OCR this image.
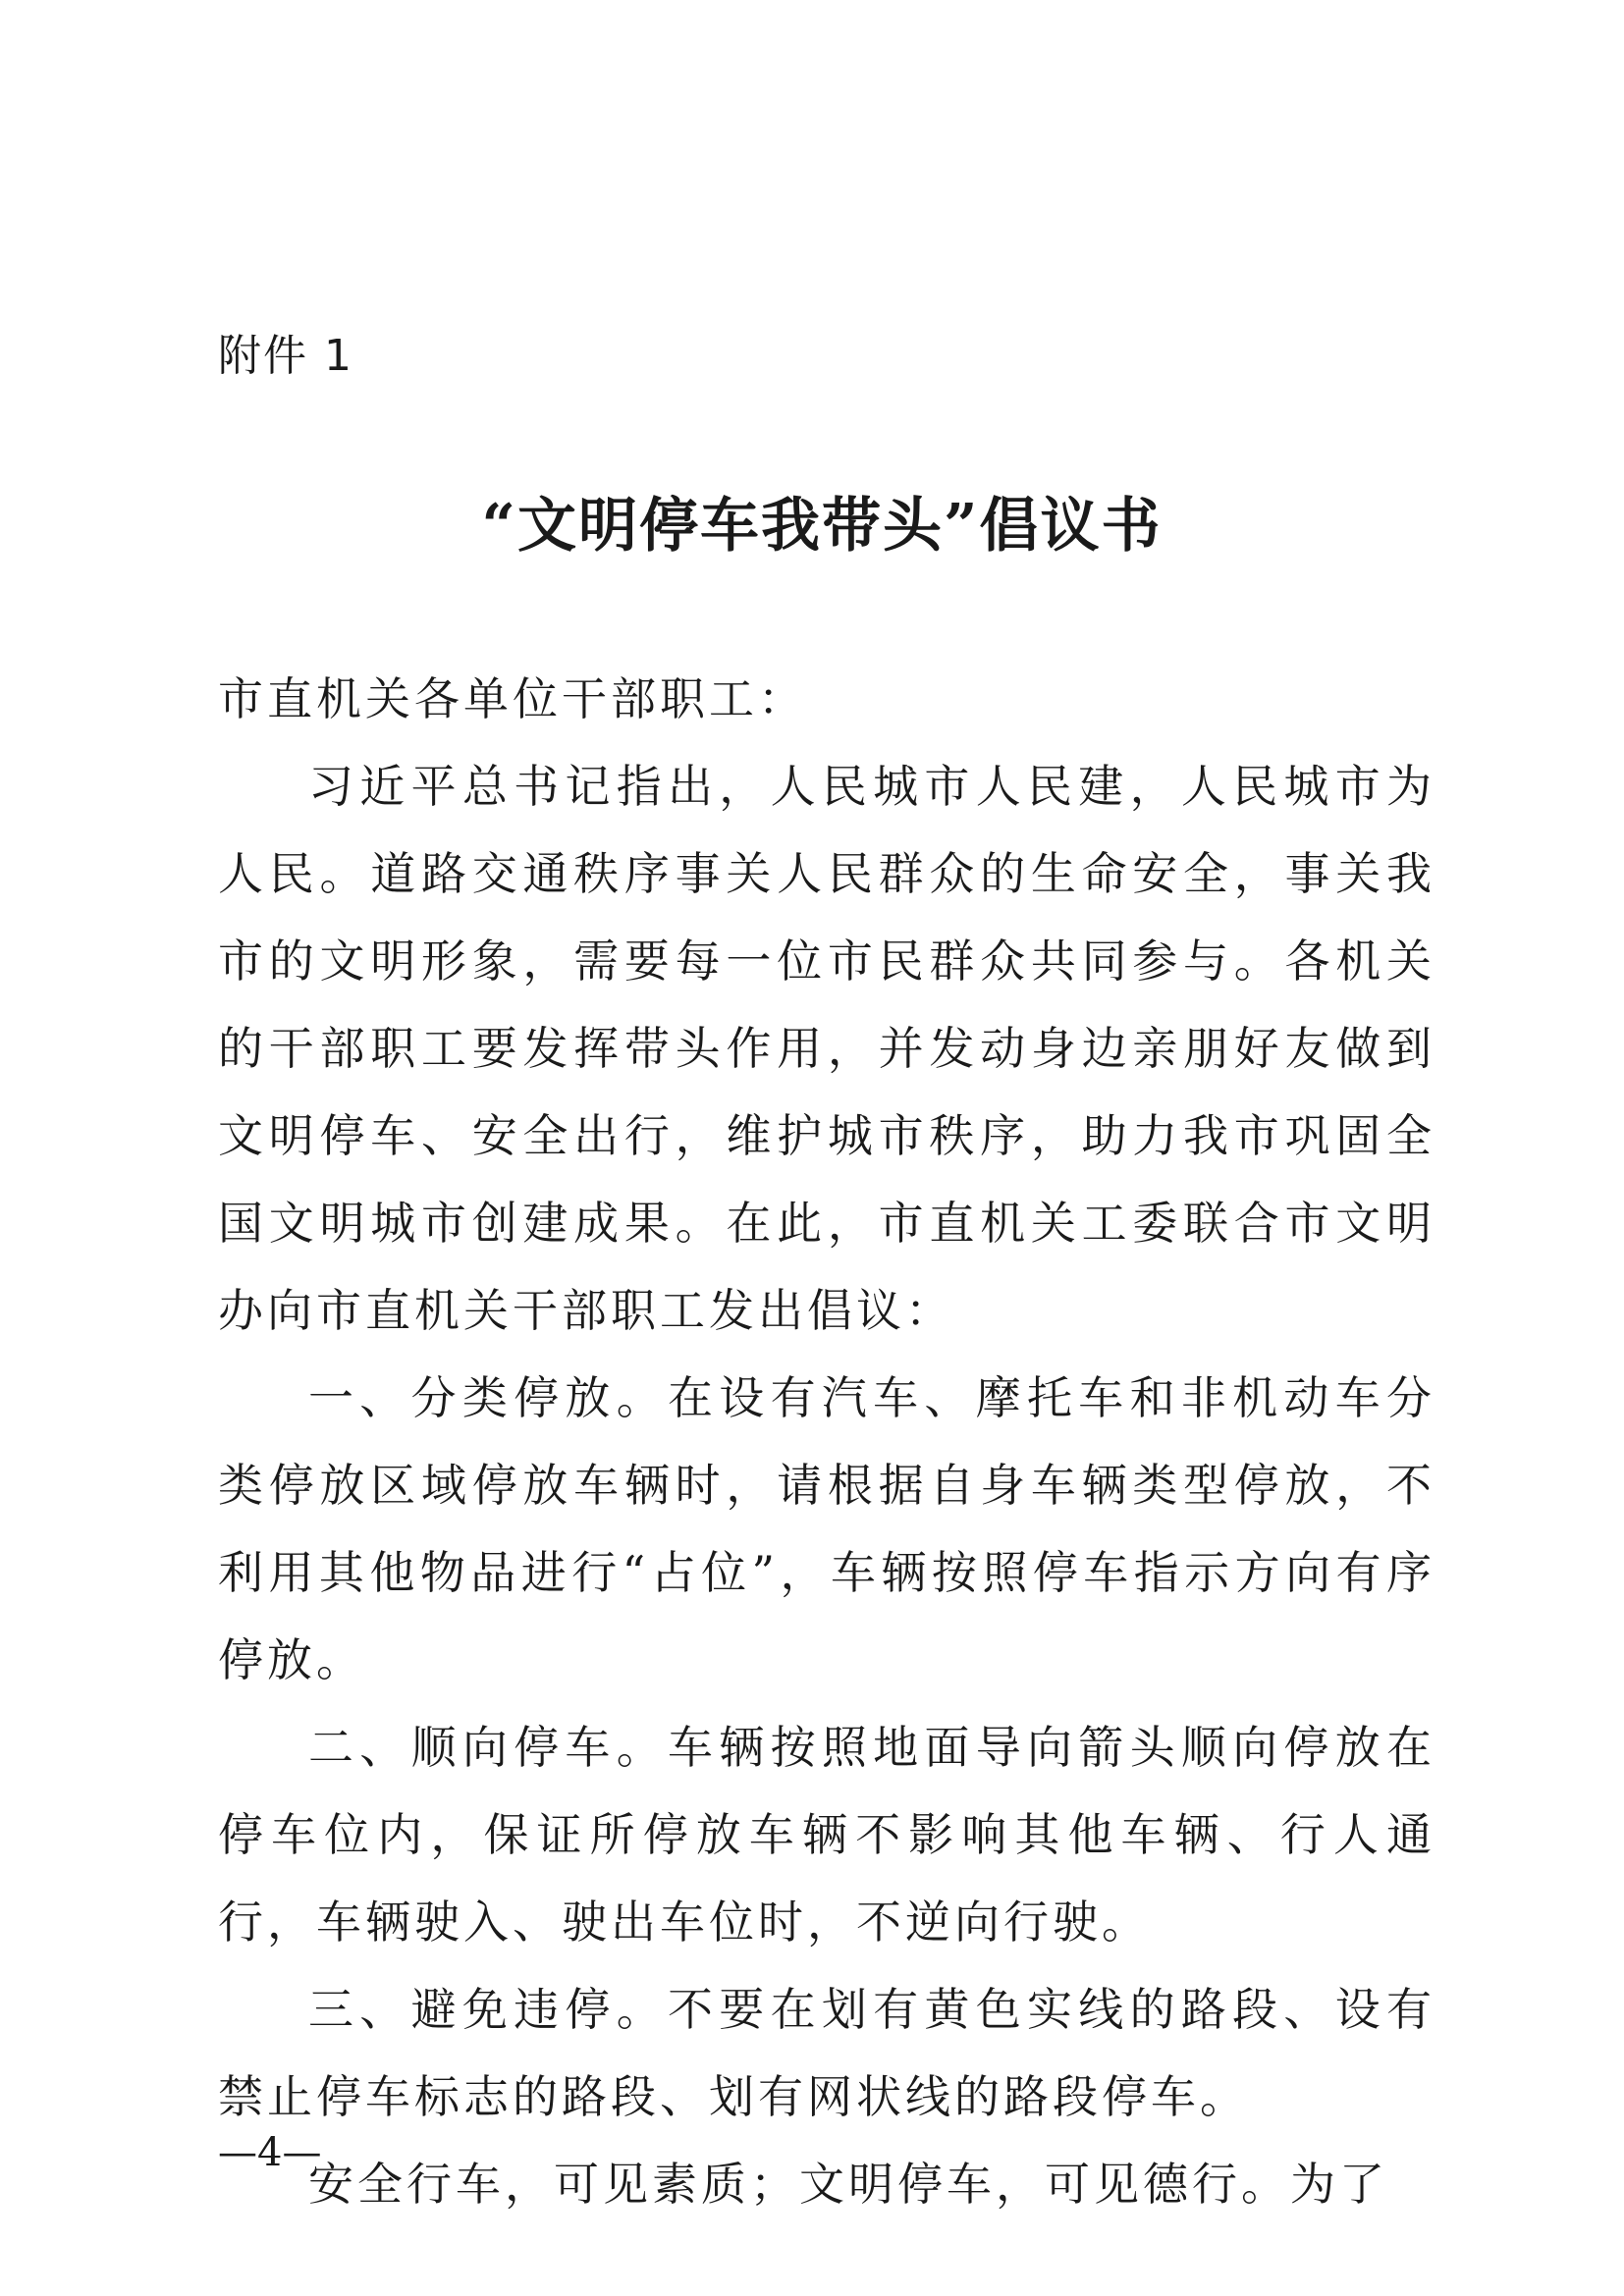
附件 1
“文明停车我带头”倡议书

市直机关各单位干部职工：

习近平总书记指出，人民城市人民建，人民城市为人民。道路交通秩序事关人民群众的生命安全，事关我市的文明形象，需要每一位市民群众共同参与。各机关的干部职工要发挥带头作用，并发动身边亲朋好友做到文明停车、安全出行，维护城市秩序，助力我市巩固全国文明城市创建成果。在此，市直机关工委联合市文明办向市直机关干部职工发出倡议：

一、分类停放。在设有汽车、摩托车和非机动车分类停放区域停放车辆时，请根据自身车辆类型停放，不利用其他物品进行“占位”，车辆按照停车指示方向有序停放。

二、顺向停车。车辆按照地面导向箭头顺向停放在停车位内，保证所停放车辆不影响其他车辆、行人通行，车辆驶入、驶出车位时，不逆向行驶。

三、避免违停。不要在划有黄色实线的路段、设有禁止停车标志的路段、划有网状线的路段停车。

安全行车，可见素质；文明停车，可见德行。为了

—4—
